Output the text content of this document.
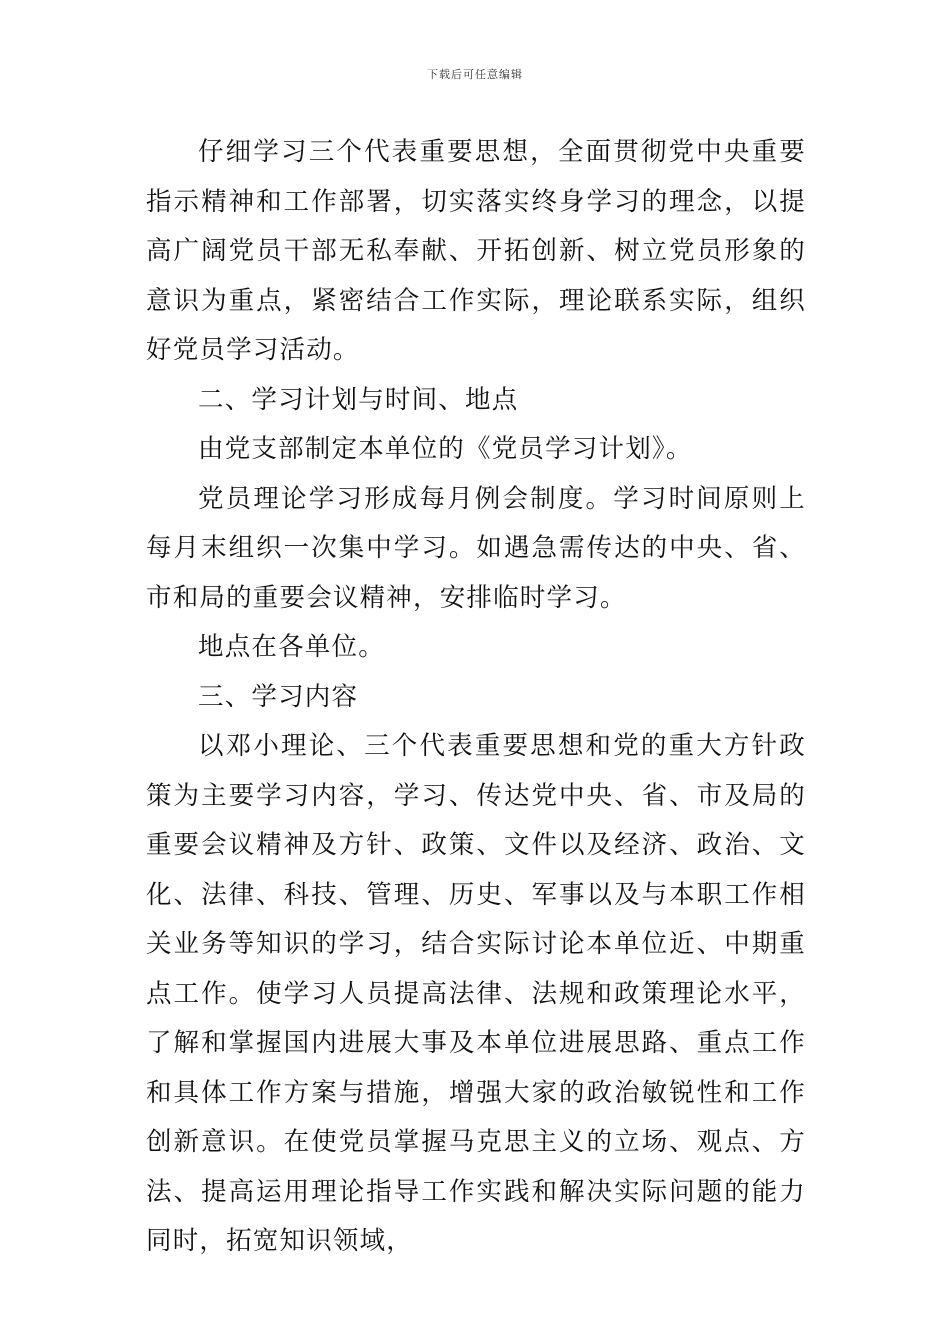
下载后可任意编辑

仔细学习三个代表重要思想，全面贯彻党中央重要指示精神和工作部署，切实落实终身学习的理念，以提高广阔党员干部无私奉献、开拓创新、树立党员形象的意识为重点，紧密结合工作实际，理论联系实际，组织好党员学习活动。

二、学习计划与时间、地点

由党支部制定本单位的《党员学习计划》。

党员理论学习形成每月例会制度。学习时间原则上每月末组织一次集中学习。如遇急需传达的中央、省、市和局的重要会议精神，安排临时学习。

地点在各单位。

三、学习内容

以邓小理论、三个代表重要思想和党的重大方针政策为主要学习内容，学习、传达党中央、省、市及局的重要会议精神及方针、政策、文件以及经济、政治、文化、法律、科技、管理、历史、军事以及与本职工作相关业务等知识的学习，结合实际讨论本单位近、中期重点工作。使学习人员提高法律、法规和政策理论水平，了解和掌握国内进展大事及本单位进展思路、重点工作和具体工作方案与措施，增强大家的政治敏锐性和工作创新意识。在使党员掌握马克思主义的立场、观点、方法、提高运用理论指导工作实践和解决实际问题的能力同时，拓宽知识领域，
